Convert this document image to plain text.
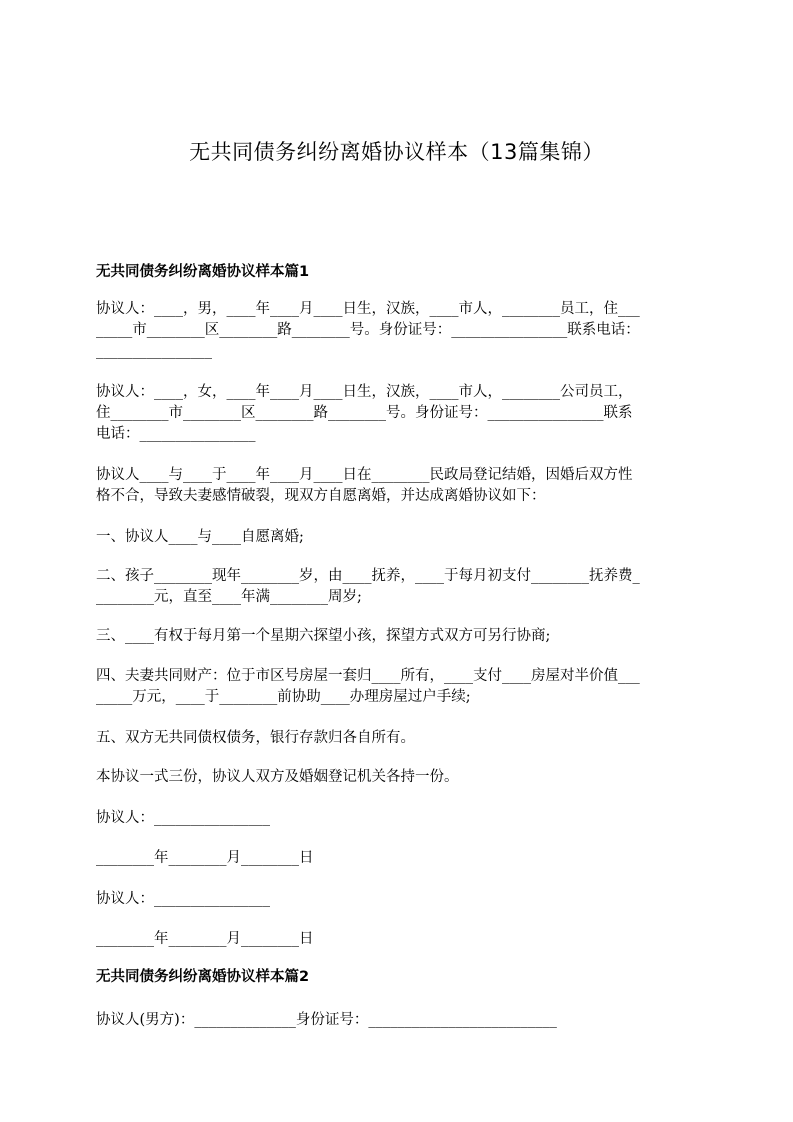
无共同债务纠纷离婚协议样本（13篇集锦）
无共同债务纠纷离婚协议样本篇1
协议人：____，男，____年____月____日生，汉族，____市人，________员工，住___
_____市________区________路________号。身份证号：________________联系电话：
________________
协议人：____，女，____年____月____日生，汉族，____市人，________公司员工，
住________市________区________路________号。身份证号：________________联系
电话：________________
协议人____与____于____年____月____日在________民政局登记结婚，因婚后双方性
格不合，导致夫妻感情破裂，现双方自愿离婚，并达成离婚协议如下：
一、协议人____与____自愿离婚;
二、孩子________现年________岁，由____抚养，____于每月初支付________抚养费_
________元，直至____年满________周岁;
三、____有权于每月第一个星期六探望小孩，探望方式双方可另行协商;
四、夫妻共同财产：位于市区号房屋一套归____所有，____支付____房屋对半价值___
_____万元，____于________前协助____办理房屋过户手续;
五、双方无共同债权债务，银行存款归各自所有。
本协议一式三份，协议人双方及婚姻登记机关各持一份。
协议人：________________
________年________月________日
协议人：________________
________年________月________日
无共同债务纠纷离婚协议样本篇2
协议人(男方)：______________身份证号：__________________________
